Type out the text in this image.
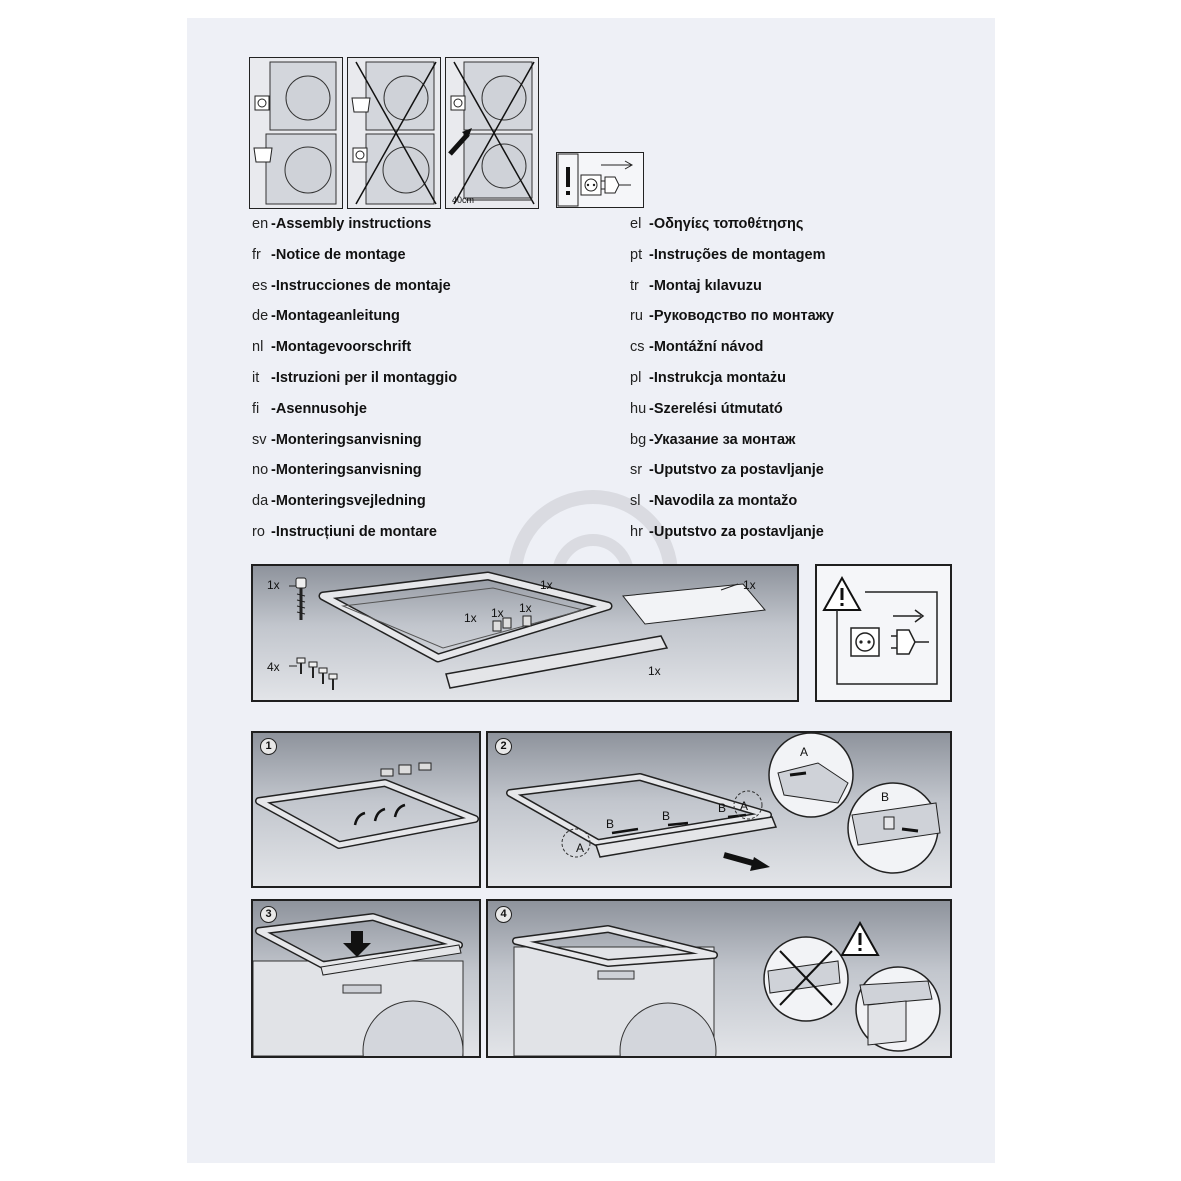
40cm
en -Assembly instructions
fr -Notice de montage
es -Instrucciones de montaje
de -Montageanleitung
nl -Montagevoorschrift
it -Istruzioni per il montaggio
fi -Asennusohje
sv -Monteringsanvisning
no -Monteringsanvisning
da -Monteringsvejledning
ro -Instrucțiuni de montare
el -Οδηγίες τοποθέτησης
pt -Instruções de montagem
tr -Montaj kılavuzu
ru -Руководство по монтажу
cs -Montážní návod
pl -Instrukcja montażu
hu -Szerelési útmutató
bg -Указание за монтаж
sr -Uputstvo za postavljanje
sl -Navodila za montažo
hr -Uputstvo za postavljanje
1x	1x
1x 1x 1x
1x
4x	1x
1	2	A
B
A
A
B
B
B
3	4
